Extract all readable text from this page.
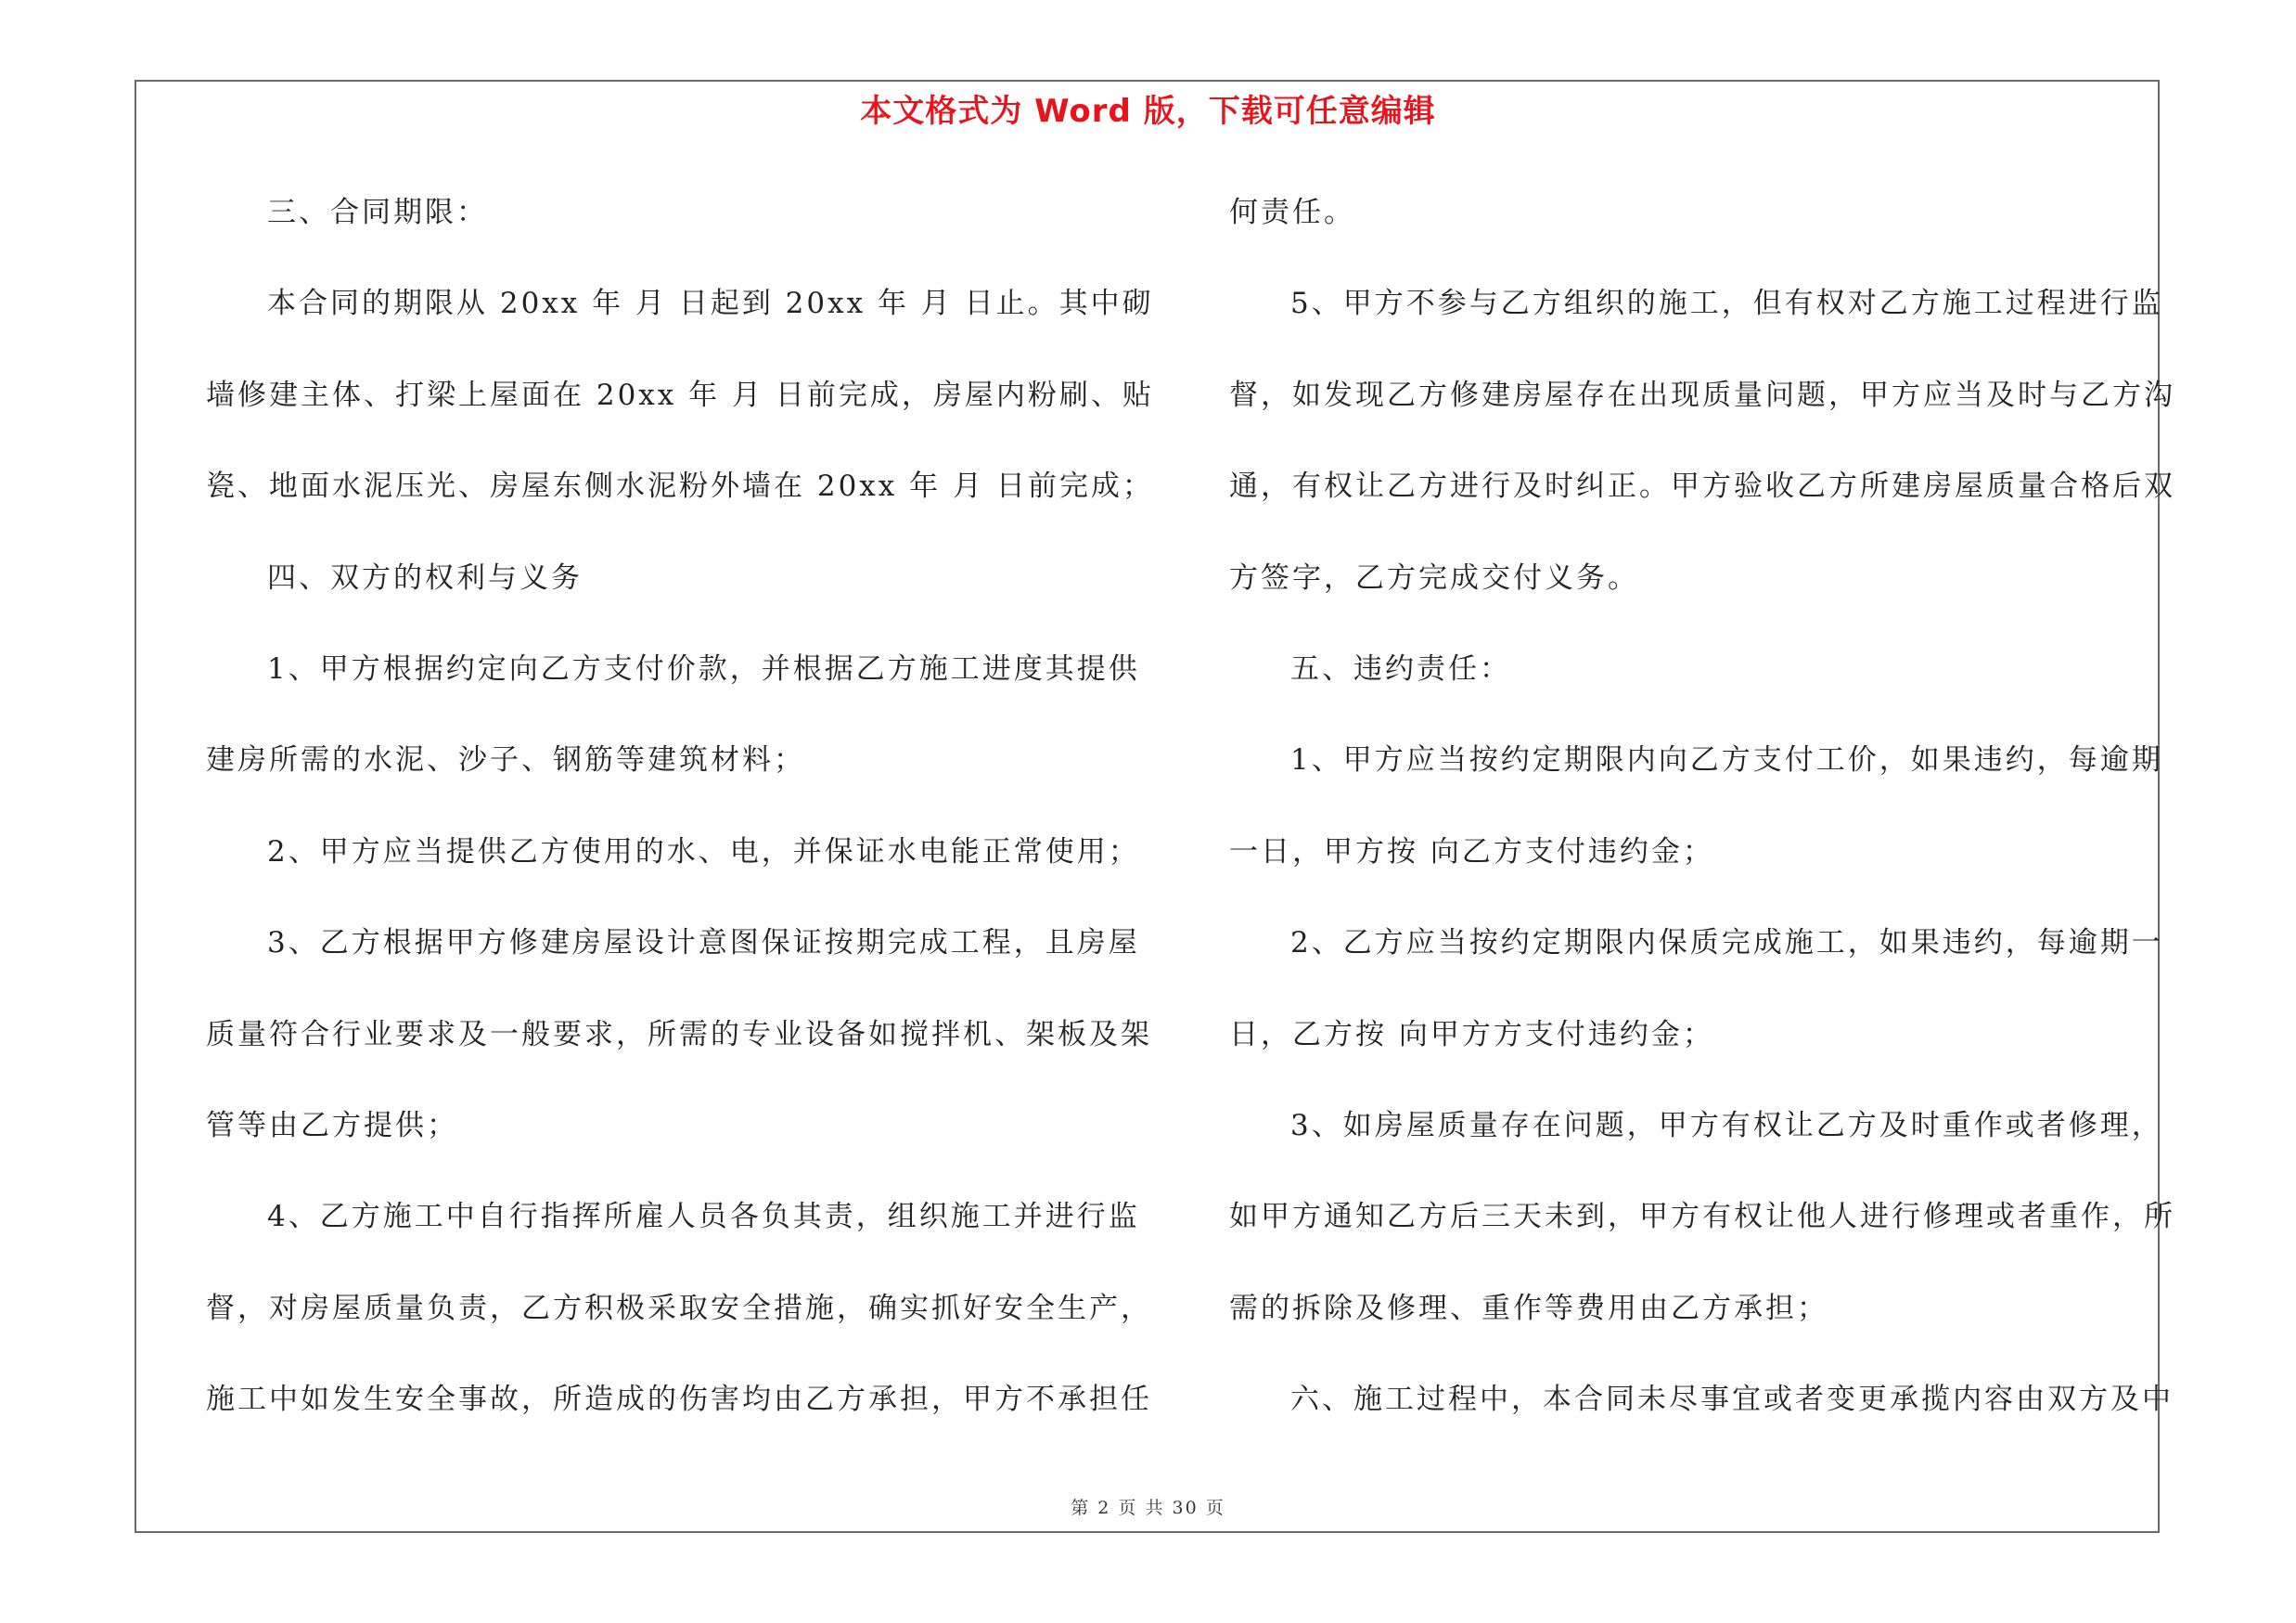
本文格式为 Word 版，下载可任意编辑
三、合同期限：
本合同的期限从 20xx 年 月 日起到 20xx 年 月 日止。其中砌
墙修建主体、打梁上屋面在 20xx 年 月 日前完成，房屋内粉刷、贴
瓷、地面水泥压光、房屋东侧水泥粉外墙在 20xx 年 月 日前完成；
四、双方的权利与义务
1、甲方根据约定向乙方支付价款，并根据乙方施工进度其提供
建房所需的水泥、沙子、钢筋等建筑材料；
2、甲方应当提供乙方使用的水、电，并保证水电能正常使用；
3、乙方根据甲方修建房屋设计意图保证按期完成工程，且房屋
质量符合行业要求及一般要求，所需的专业设备如搅拌机、架板及架
管等由乙方提供；
4、乙方施工中自行指挥所雇人员各负其责，组织施工并进行监
督，对房屋质量负责，乙方积极采取安全措施，确实抓好安全生产，
施工中如发生安全事故，所造成的伤害均由乙方承担，甲方不承担任
何责任。
5、甲方不参与乙方组织的施工，但有权对乙方施工过程进行监
督，如发现乙方修建房屋存在出现质量问题，甲方应当及时与乙方沟
通，有权让乙方进行及时纠正。甲方验收乙方所建房屋质量合格后双
方签字，乙方完成交付义务。
五、违约责任：
1、甲方应当按约定期限内向乙方支付工价，如果违约，每逾期
一日，甲方按 向乙方支付违约金；
2、乙方应当按约定期限内保质完成施工，如果违约，每逾期一
日，乙方按 向甲方方支付违约金；
3、如房屋质量存在问题，甲方有权让乙方及时重作或者修理，
如甲方通知乙方后三天未到，甲方有权让他人进行修理或者重作，所
需的拆除及修理、重作等费用由乙方承担；
六、施工过程中，本合同未尽事宜或者变更承揽内容由双方及中
第 2 页 共 30 页
